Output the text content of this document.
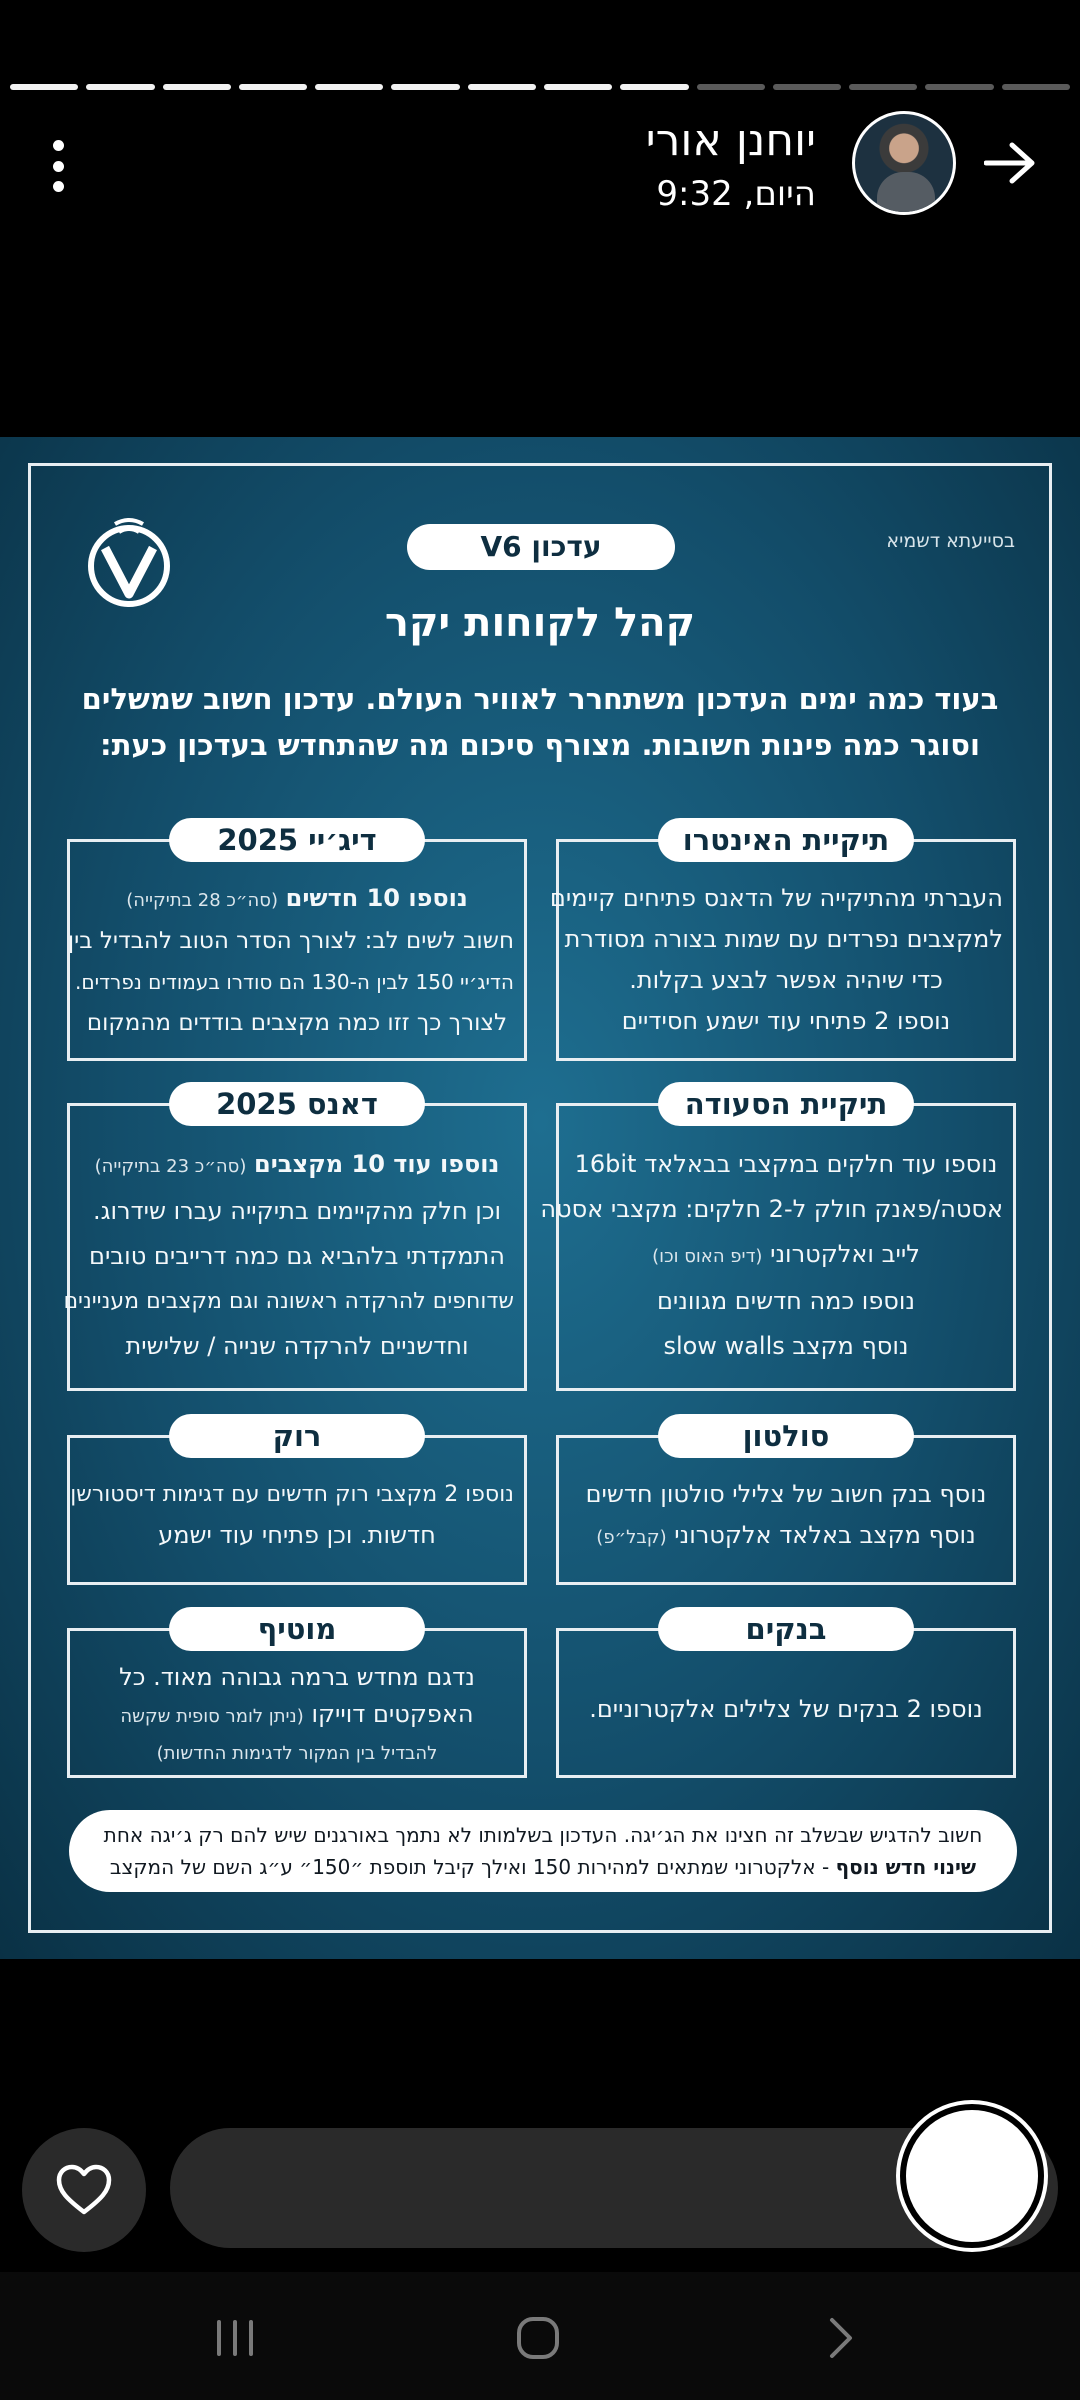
יוחנן אורי
היום, 9:32
בסייעתא דשמיא
עדכון V6
קהל לקוחות יקר
בעוד כמה ימים העדכון משתחרר לאוויר העולם. עדכון חשוב שמשלים
וסוגר כמה פינות חשובות. מצורף סיכום מה שהתחדש בעדכון כעת:
תיקיית האינטרו
העברתי מהתיקייה של הדאנס פתיחים קיימים
למקצבים נפרדים עם שמות בצורה מסודרת
כדי שיהיה אפשר לבצע בקלות.
נוספו 2 פתיחי עוד ישמע חסידיים
דיג׳יי 2025
נוספו 10 חדשים (סה״כ 28 בתיקייה)
חשוב לשים לב: לצורך הסדר הטוב להבדיל בין
הדיג׳יי 150 לבין ה-130 הם סודרו בעמודים נפרדים.
לצורך כך זזו כמה מקצבים בודדים מהמקום
תיקיית הסעודה
נוספו עוד חלקים במקצבי בבאלאד 16bit
אסטה/פאנק חולק ל-2 חלקים: מקצבי אסטה
לייב ואלקטרוני (דיפ האוס וכו)
נוספו כמה חדשים מגוונים
נוסף מקצב slow walls
דאנס 2025
נוספו עוד 10 מקצבים (סה״כ 23 בתיקייה)
וכן חלק מהקיימים בתיקייה עברו שידרוג.
התמקדתי בלהביא גם כמה דרייבים טובים
שדוחפים להרקדה ראשונה וגם מקצבים מעניינים
וחדשניים להרקדה שנייה / שלישית
סולטון
נוסף בנק חשוב של צלילי סולטון חדשים
נוסף מקצב באלאד אלקטרוני (קבל״פ)
רוק
נוספו 2 מקצבי רוק חדשים עם דגימות דיסטורשן
חדשות. וכן פתיחי עוד ישמע
בנקים
נוספו 2 בנקים של צלילים אלקטרוניים.
מוטיף
נדגם מחדש ברמה גבוהה מאוד. כל
האפקטים דוייקו (ניתן לומר סופית שקשה
להבדיל בין המקור לדגימות החדשות)
חשוב להדגיש שבשלב זה חצינו את הג׳יגה. העדכון בשלמותו לא נתמך באורגנים שיש להם רק ג׳יגה אחת
שינוי חדש נוסף - אלקטרוני שמתאים למהירות 150 ואילך קיבל תוספת ״150״ ע״ג השם של המקצב
